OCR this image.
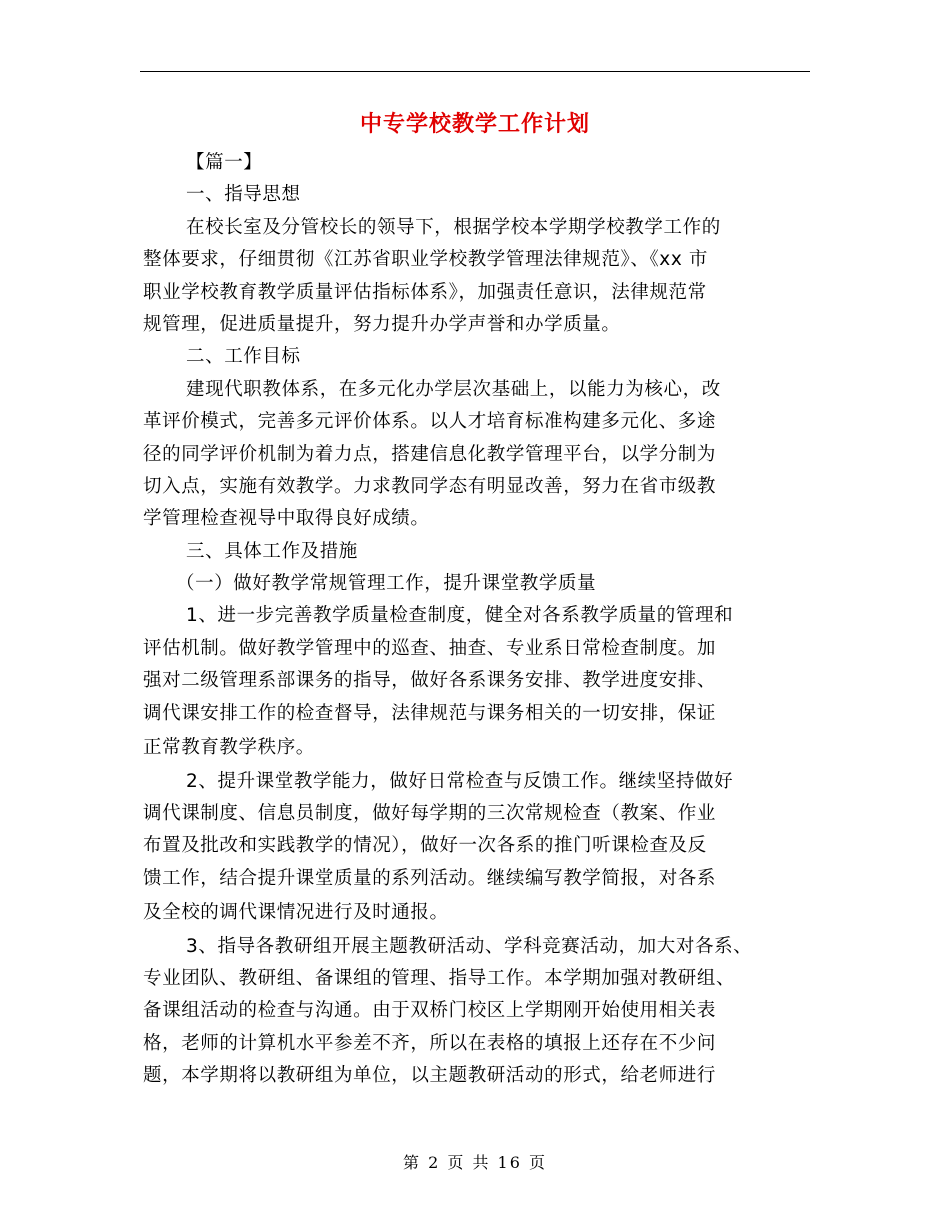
中专学校教学工作计划
【篇一】
一、指导思想
在校长室及分管校长的领导下，根据学校本学期学校教学工作的
整体要求，仔细贯彻《江苏省职业学校教学管理法律规范》、《xx 市
职业学校教育教学质量评估指标体系》，加强责任意识，法律规范常
规管理，促进质量提升，努力提升办学声誉和办学质量。
二、工作目标
建现代职教体系，在多元化办学层次基础上，以能力为核心，改
革评价模式，完善多元评价体系。以人才培育标准构建多元化、多途
径的同学评价机制为着力点，搭建信息化教学管理平台，以学分制为
切入点，实施有效教学。力求教同学态有明显改善，努力在省市级教
学管理检查视导中取得良好成绩。
三、具体工作及措施
（一）做好教学常规管理工作，提升课堂教学质量
1、进一步完善教学质量检查制度，健全对各系教学质量的管理和
评估机制。做好教学管理中的巡查、抽查、专业系日常检查制度。加
强对二级管理系部课务的指导，做好各系课务安排、教学进度安排、
调代课安排工作的检查督导，法律规范与课务相关的一切安排，保证
正常教育教学秩序。
2、提升课堂教学能力，做好日常检查与反馈工作。继续坚持做好
调代课制度、信息员制度，做好每学期的三次常规检查（教案、作业
布置及批改和实践教学的情况），做好一次各系的推门听课检查及反
馈工作，结合提升课堂质量的系列活动。继续编写教学简报，对各系
及全校的调代课情况进行及时通报。
3、指导各教研组开展主题教研活动、学科竞赛活动，加大对各系、
专业团队、教研组、备课组的管理、指导工作。本学期加强对教研组、
备课组活动的检查与沟通。由于双桥门校区上学期刚开始使用相关表
格，老师的计算机水平参差不齐，所以在表格的填报上还存在不少问
题，本学期将以教研组为单位，以主题教研活动的形式，给老师进行
第 2 页 共 16 页
